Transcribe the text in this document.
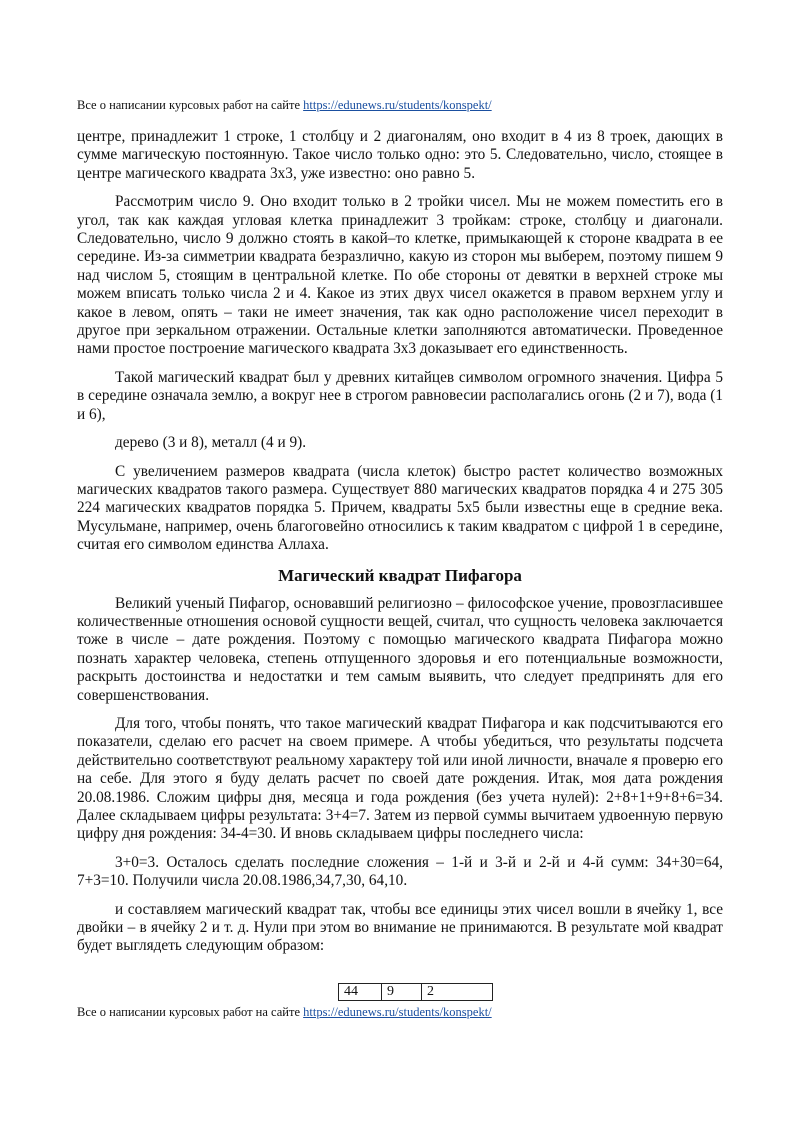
Все о написании курсовых работ на сайте https://edunews.ru/students/konspekt/

центре, принадлежит 1 строке, 1 столбцу и 2 диагоналям, оно входит в 4 из 8 троек, дающих в сумме магическую постоянную. Такое число только одно: это 5. Следовательно, число, стоящее в центре магического квадрата 3х3, уже известно: оно равно 5.

Рассмотрим число 9. Оно входит только в 2 тройки чисел. Мы не можем поместить его в угол, так как каждая угловая клетка принадлежит 3 тройкам: строке, столбцу и диагонали. Следовательно, число 9 должно стоять в какой–то клетке, примыкающей к стороне квадрата в ее середине. Из-за симметрии квадрата безразлично, какую из сторон мы выберем, поэтому пишем 9 над числом 5, стоящим в центральной клетке. По обе стороны от девятки в верхней строке мы можем вписать только числа 2 и 4. Какое из этих двух чисел окажется в правом верхнем углу и какое в левом, опять – таки не имеет значения, так как одно расположение чисел переходит в другое при зеркальном отражении. Остальные клетки заполняются автоматически. Проведенное нами простое построение магического квадрата 3х3 доказывает его единственность.

Такой магический квадрат был у древних китайцев символом огромного значения. Цифра 5 в середине означала землю, а вокруг нее в строгом равновесии располагались огонь (2 и 7), вода (1 и 6),

дерево (3 и 8), металл (4 и 9).

С увеличением размеров квадрата (числа клеток) быстро растет количество возможных магических квадратов такого размера. Существует 880 магических квадратов порядка 4 и 275 305 224 магических квадратов порядка 5. Причем, квадраты 5х5 были известны еще в средние века. Мусульмане, например, очень благоговейно относились к таким квадратом с цифрой 1 в середине, считая его символом единства Аллаха.

Магический квадрат Пифагора

Великий ученый Пифагор, основавший религиозно – философское учение, провозгласившее количественные отношения основой сущности вещей, считал, что сущность человека заключается тоже в числе – дате рождения. Поэтому с помощью магического квадрата Пифагора можно познать характер человека, степень отпущенного здоровья и его потенциальные возможности, раскрыть достоинства и недостатки и тем самым выявить, что следует предпринять для его совершенствования.

Для того, чтобы понять, что такое магический квадрат Пифагора и как подсчитываются его показатели, сделаю его расчет на своем примере. А чтобы убедиться, что результаты подсчета действительно соответствуют реальному характеру той или иной личности, вначале я проверю его на себе. Для этого я буду делать расчет по своей дате рождения. Итак, моя дата рождения 20.08.1986. Сложим цифры дня, месяца и года рождения (без учета нулей): 2+8+1+9+8+6=34. Далее складываем цифры результата: 3+4=7. Затем из первой суммы вычитаем удвоенную первую цифру дня рождения: 34-4=30. И вновь складываем цифры последнего числа:

3+0=3. Осталось сделать последние сложения – 1-й и 3-й и 2-й и 4-й сумм: 34+30=64, 7+3=10. Получили числа 20.08.1986,34,7,30, 64,10.

и составляем магический квадрат так, чтобы все единицы этих чисел вошли в ячейку 1, все двойки – в ячейку 2 и т. д. Нули при этом во внимание не принимаются. В результате мой квадрат будет выглядеть следующим образом:

44	9	2
Все о написании курсовых работ на сайте https://edunews.ru/students/konspekt/
